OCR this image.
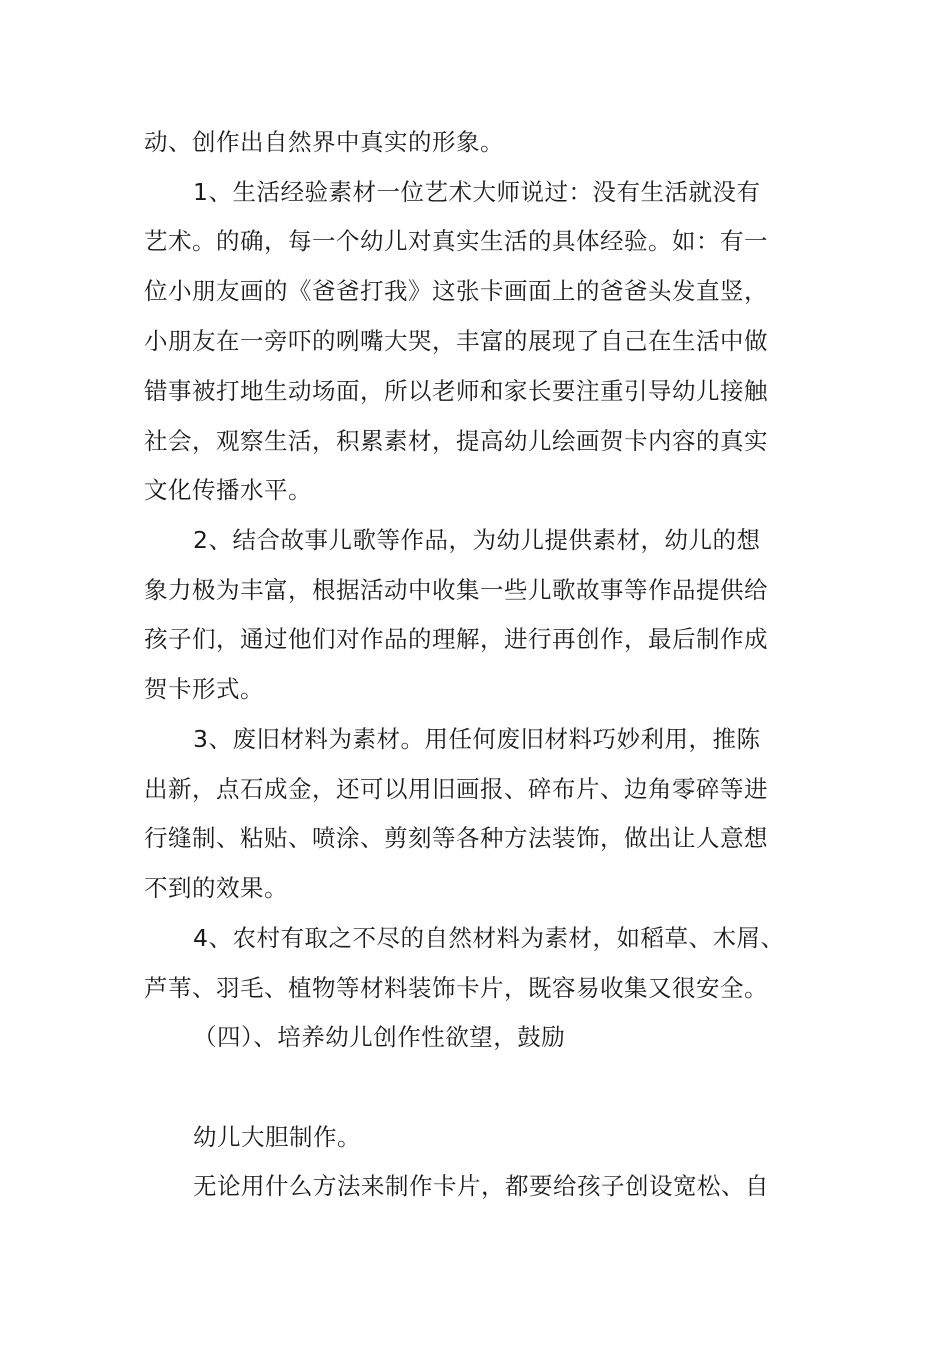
动、创作出自然界中真实的形象。
1、生活经验素材一位艺术大师说过：没有生活就没有
艺术。的确，每一个幼儿对真实生活的具体经验。如：有一
位小朋友画的《爸爸打我》这张卡画面上的爸爸头发直竖，
小朋友在一旁吓的咧嘴大哭，丰富的展现了自己在生活中做
错事被打地生动场面，所以老师和家长要注重引导幼儿接触
社会，观察生活，积累素材，提高幼儿绘画贺卡内容的真实
文化传播水平。
2、结合故事儿歌等作品，为幼儿提供素材，幼儿的想
象力极为丰富，根据活动中收集一些儿歌故事等作品提供给
孩子们，通过他们对作品的理解，进行再创作，最后制作成
贺卡形式。
3、废旧材料为素材。用任何废旧材料巧妙利用，推陈
出新，点石成金，还可以用旧画报、碎布片、边角零碎等进
行缝制、粘贴、喷涂、剪刻等各种方法装饰，做出让人意想
不到的效果。
4、农村有取之不尽的自然材料为素材，如稻草、木屑、
芦苇、羽毛、植物等材料装饰卡片，既容易收集又很安全。
（四）、培养幼儿创作性欲望，鼓励
幼儿大胆制作。
无论用什么方法来制作卡片，都要给孩子创设宽松、自
